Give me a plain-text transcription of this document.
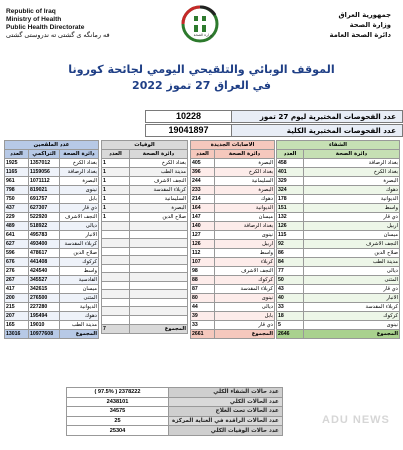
Republic of Iraq
Ministry of Health
Public Health Directorate
فه رمانگه ی گشتی ته ندروستی گشتی	وزارة الصحة
جمهورية العراق
وزارة الصحة
دائرة الصحة العامة
الموقف الوبائي والتلقيحي اليومي لجائحة كورونا
في العراق 27 تموز 2022
10228	عدد الفحوصات المختبرية ليوم 27 تموز
19041897	عدد الفحوصات المختبرية الكلية
عدد الملقحين		
العدد	التراكمي	دائرة الصحة
1925	1357012	بغداد الكرخ
1165	1159056	بغداد الرصافة
961	1071112	البصرة
798	819021	نينوى
750	691757	بابل
437	627307	ذي قار
229	522920	النجف الاشرف
489	518922	ديالى
641	495783	الانبار
627	493400	كربلاء المقدسة
596	478617	صلاح الدين
676	441408	كركوك
276	424540	واسط
267	345527	القادسية
417	342615	ميسان
200	276500	المثنى
215	227280	الديوانية
207	195494	دهوك
165	19010	مدينة الطب
13016	10977608	المجموع
الوفيات	
العدد	دائرة الصحة
1	بغداد الكرخ
1	مدينة الطب
1	النجف الاشرف
1	كربلاء المقدسة
1	السليمانية
1	البصرة
1	صلاح الدين

7	المجموع
الاصابات الجديدة	
العدد	دائرة الصحة
405	البصرة
396	بغداد الكرخ
244	السليمانية
233	البصرة
214	دهوك
164	الديوانية
147	ميسان
140	بغداد الرصافة
127	نينوى
126	اربيل
112	واسط
107	كربلاء
98	النجف الاشرف
88	كركوك
87	كربلاء المقدسة
80	نينوى
44	ديالى
39	بابل
33	ذي قار
2661	المجموع
الشفاء	
العدد	دائرة الصحة
458	بغداد الرصافة
401	بغداد الكرخ
329	البصرة
324	دهوك
178	الديوانية
151	واسط
132	ذي قار
126	اربيل
115	ميسان
92	النجف الاشرف
86	صلاح الدين
84	مدينة الطب
77	ديالى
50	المثنى
43	ذي قار
40	الانبار
33	كربلاء المقدسة
18	كركوك
5	نينوى
2646	المجموع
( 97.5% ) 2378222	عدد حالات الشفاء الكلي
2438101	عدد الحالات الكلي
34575	عدد الحالات تحت العلاج
25	عدد الحالات الراقدة في العناية المركزة
25304	عدد حالات الوفيات الكلي
ADU NEWS
